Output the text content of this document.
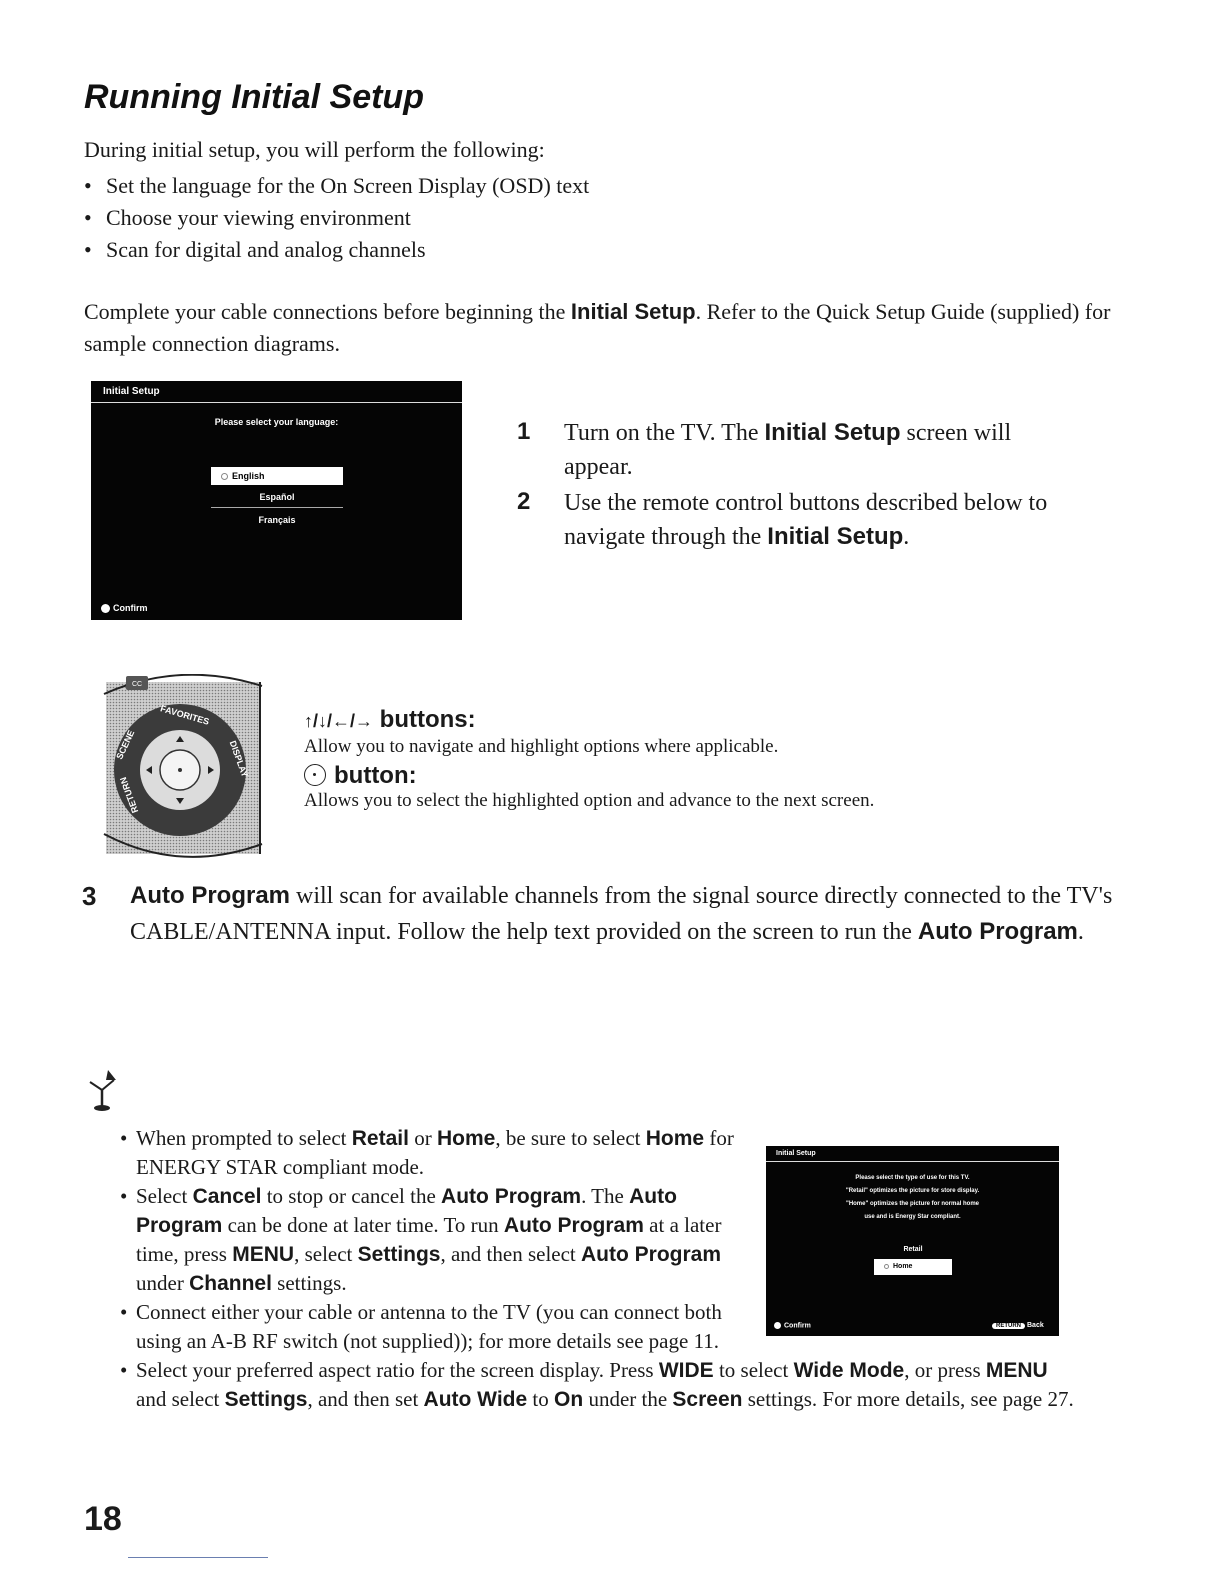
Running Initial Setup
During initial setup, you will perform the following:
• Set the language for the On Screen Display (OSD) text
• Choose your viewing environment
• Scan for digital and analog channels

Complete your cable connections before beginning the Initial Setup. Refer to the Quick Setup Guide (supplied) for sample connection diagrams.

Initial Setup
Please select your language:
English
Español
Français
Confirm
1 Turn on the TV. The Initial Setup screen will appear.

2 Use the remote control buttons described below to navigate through the Initial Setup.

CC
FAVORITES
DISPLAY
SCENE
RETURN
↑/↓/←/→ buttons:
Allow you to navigate and highlight options where applicable.
button:
Allows you to select the highlighted option and advance to the next screen.
3 Auto Program will scan for available channels from the signal source directly connected to the TV's CABLE/ANTENNA input. Follow the help text provided on the screen to run the Auto Program.

• When prompted to select Retail or Home, be sure to select Home for ENERGY STAR compliant mode.
• Select Cancel to stop or cancel the Auto Program. The Auto Program can be done at later time. To run Auto Program at a later time, press MENU, select Settings, and then select Auto Program under Channel settings.
• Connect either your cable or antenna to the TV (you can connect both using an A-B RF switch (not supplied)); for more details see page 11.
• Select your preferred aspect ratio for the screen display. Press WIDE to select Wide Mode, or press MENU and select Settings, and then set Auto Wide to On under the Screen settings. For more details, see page 27.
Initial Setup
Please select the type of use for this TV.
"Retail" optimizes the picture for store display.
"Home" optimizes the picture for normal home
use and is Energy Star compliant.
Retail
Home
Confirm	RETURN Back
18
